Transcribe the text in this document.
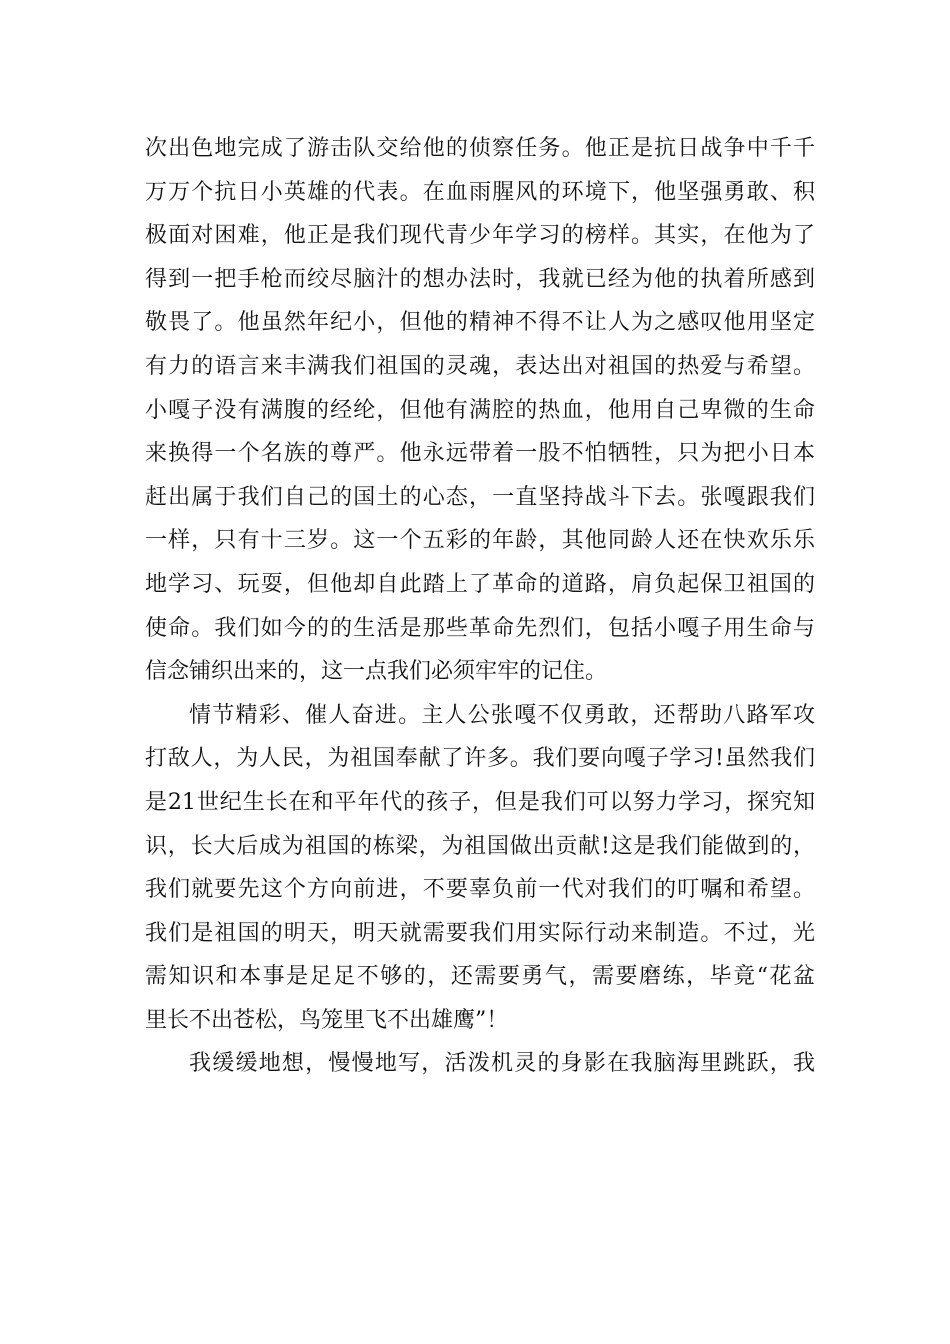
次出色地完成了游击队交给他的侦察任务。他正是抗日战争中千千
万万个抗日小英雄的代表。在血雨腥风的环境下，他坚强勇敢、积
极面对困难，他正是我们现代青少年学习的榜样。其实，在他为了
得到一把手枪而绞尽脑汁的想办法时，我就已经为他的执着所感到
敬畏了。他虽然年纪小，但他的精神不得不让人为之感叹他用坚定
有力的语言来丰满我们祖国的灵魂，表达出对祖国的热爱与希望。
小嘎子没有满腹的经纶，但他有满腔的热血，他用自己卑微的生命
来换得一个名族的尊严。他永远带着一股不怕牺牲，只为把小日本
赶出属于我们自己的国土的心态，一直坚持战斗下去。张嘎跟我们
一样，只有十三岁。这一个五彩的年龄，其他同龄人还在快欢乐乐
地学习、玩耍，但他却自此踏上了革命的道路，肩负起保卫祖国的
使命。我们如今的的生活是那些革命先烈们，包括小嘎子用生命与
信念铺织出来的，这一点我们必须牢牢的记住。
情节精彩、催人奋进。主人公张嘎不仅勇敢，还帮助八路军攻
打敌人，为人民，为祖国奉献了许多。我们要向嘎子学习!虽然我们
是21世纪生长在和平年代的孩子，但是我们可以努力学习，探究知
识，长大后成为祖国的栋梁，为祖国做出贡献!这是我们能做到的，
我们就要先这个方向前进，不要辜负前一代对我们的叮嘱和希望。
我们是祖国的明天，明天就需要我们用实际行动来制造。不过，光
需知识和本事是足足不够的，还需要勇气，需要磨练，毕竟“花盆
里长不出苍松，鸟笼里飞不出雄鹰”！
我缓缓地想，慢慢地写，活泼机灵的身影在我脑海里跳跃，我
